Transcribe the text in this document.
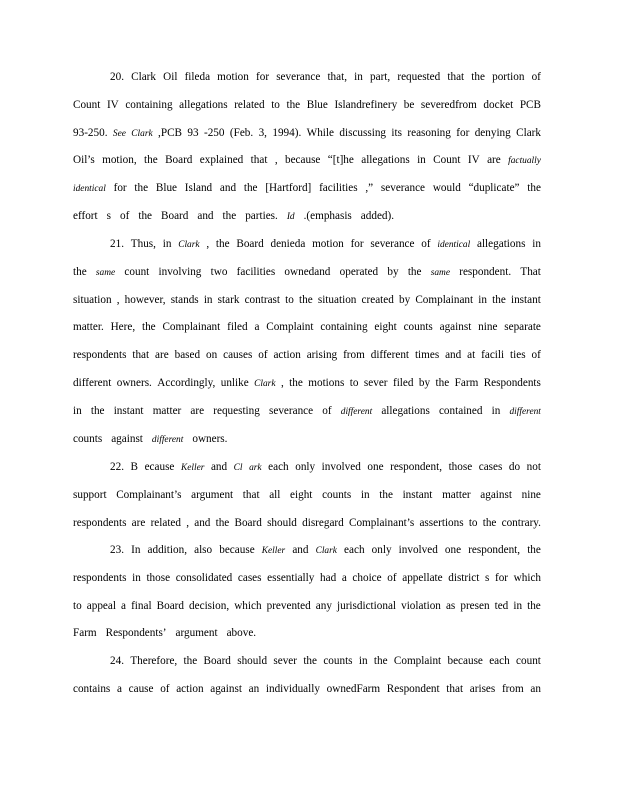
20. Clark Oil fileda motion for severance that, in part, requested that the portion of
Count IV containing allegations related to the Blue Islandrefinery be severedfrom docket PCB
93-250. See Clark ,PCB 93 -250 (Feb. 3, 1994). While discussing its reasoning for denying Clark
Oil’s motion, the Board explained that , because “[t]he allegations in Count IV are factually
identical for the Blue Island and the [Hartford] facilities ,” severance would “duplicate” the
effort s of the Board and the parties. Id .(emphasis added).
21. Thus, in Clark , the Board denieda motion for severance of identical allegations in
the same count involving two facilities ownedand operated by the same respondent. That
situation , however, stands in stark contrast to the situation created by Complainant in the instant
matter. Here, the Complainant filed a Complaint containing eight counts against nine separate
respondents that are based on causes of action arising from different times and at facili ties of
different owners. Accordingly, unlike Clark , the motions to sever filed by the Farm Respondents
in the instant matter are requesting severance of different allegations contained in different
counts against different owners.
22. B ecause Keller and Cl ark each only involved one respondent, those cases do not
support Complainant’s argument that all eight counts in the instant matter against nine
respondents are related , and the Board should disregard Complainant’s assertions to the contrary.
23. In addition, also because Keller and Clark each only involved one respondent, the
respondents in those consolidated cases essentially had a choice of appellate district s for which
to appeal a final Board decision, which prevented any jurisdictional violation as presen ted in the
Farm Respondents’ argument above.
24. Therefore, the Board should sever the counts in the Complaint because each count
contains a cause of action against an individually ownedFarm Respondent that arises from an
